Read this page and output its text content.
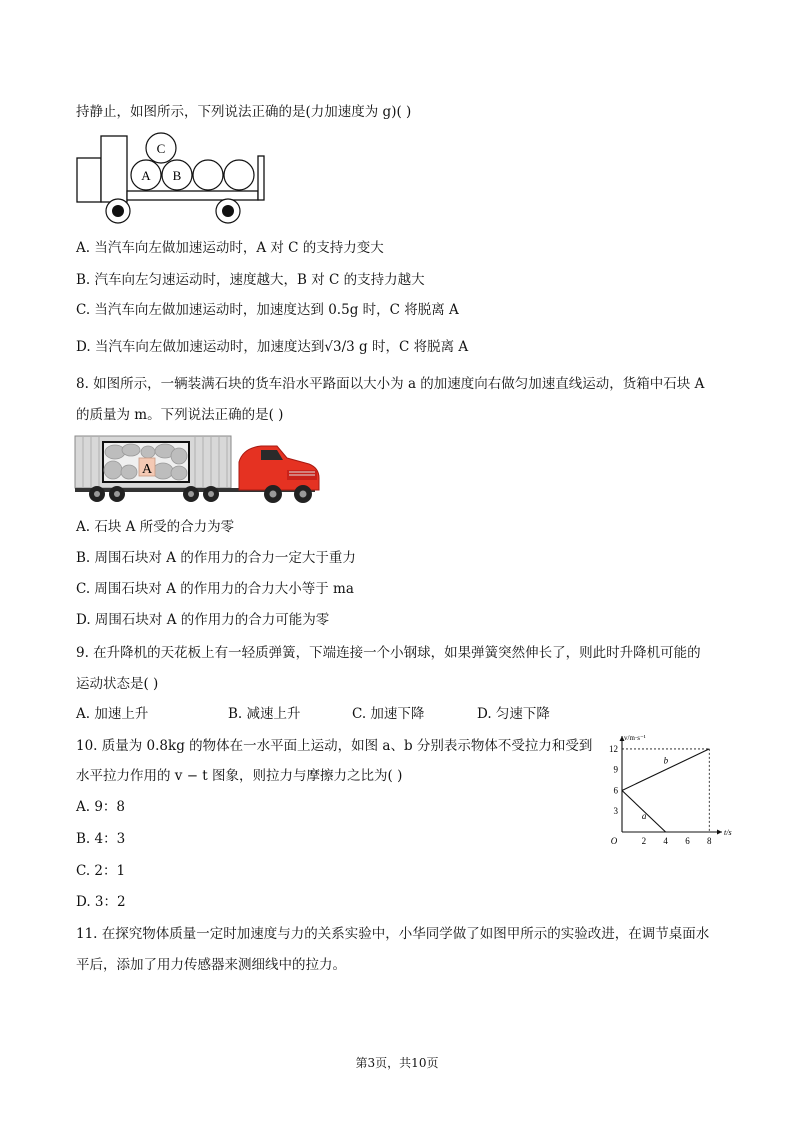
持静止，如图所示，下列说法正确的是(力加速度为 g)( )
C
A B
A. 当汽车向左做加速运动时，A 对 C 的支持力变大
B. 汽车向左匀速运动时，速度越大，B 对 C 的支持力越大
C. 当汽车向左做加速运动时，加速度达到 0.5g 时，C 将脱离 A
D. 当汽车向左做加速运动时，加速度达到√3/3 g 时，C 将脱离 A
8. 如图所示，一辆装满石块的货车沿水平路面以大小为 a 的加速度向右做匀加速直线运动，货箱中石块 A
的质量为 m。下列说法正确的是( )
A
A. 石块 A 所受的合力为零
B. 周围石块对 A 的作用力的合力一定大于重力
C. 周围石块对 A 的作用力的合力大小等于 ma
D. 周围石块对 A 的作用力的合力可能为零
9. 在升降机的天花板上有一轻质弹簧，下端连接一个小钢球，如果弹簧突然伸长了，则此时升降机可能的
运动状态是( )
A. 加速上升	B. 减速上升	C. 加速下降	D. 匀速下降
10. 质量为 0.8kg 的物体在一水平面上运动，如图 a、b 分别表示物体不受拉力和受到
水平拉力作用的 v − t 图象，则拉力与摩擦力之比为( )
A. 9：8
B. 4：3
C. 2：1
D. 3：2
t/s
v/m·s⁻¹
O	2 4 6 8
3
6
9
12
a
b
11. 在探究物体质量一定时加速度与力的关系实验中，小华同学做了如图甲所示的实验改进，在调节桌面水
平后，添加了用力传感器来测细线中的拉力。
第3页，共10页
